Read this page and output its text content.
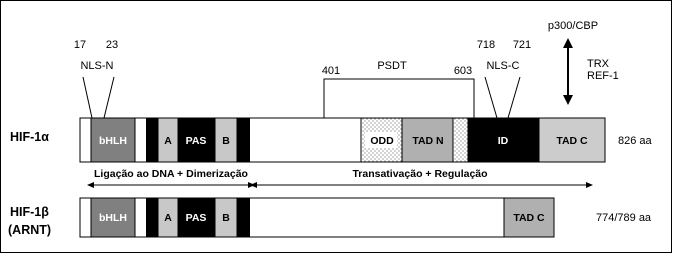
HIF-1α	bHLH	A PAS B	ODD TAD N	ID	TAD C	826 aa
17 23
NLS-N	401	PSDT	603
718 721
NLS-C
p300/CBP
TRX
REF-1
Ligação ao DNA + Dimerização	Transativação + Regulação
HIF-1β
(ARNT)
bHLH	A PAS B	TAD C	774/789 aa
